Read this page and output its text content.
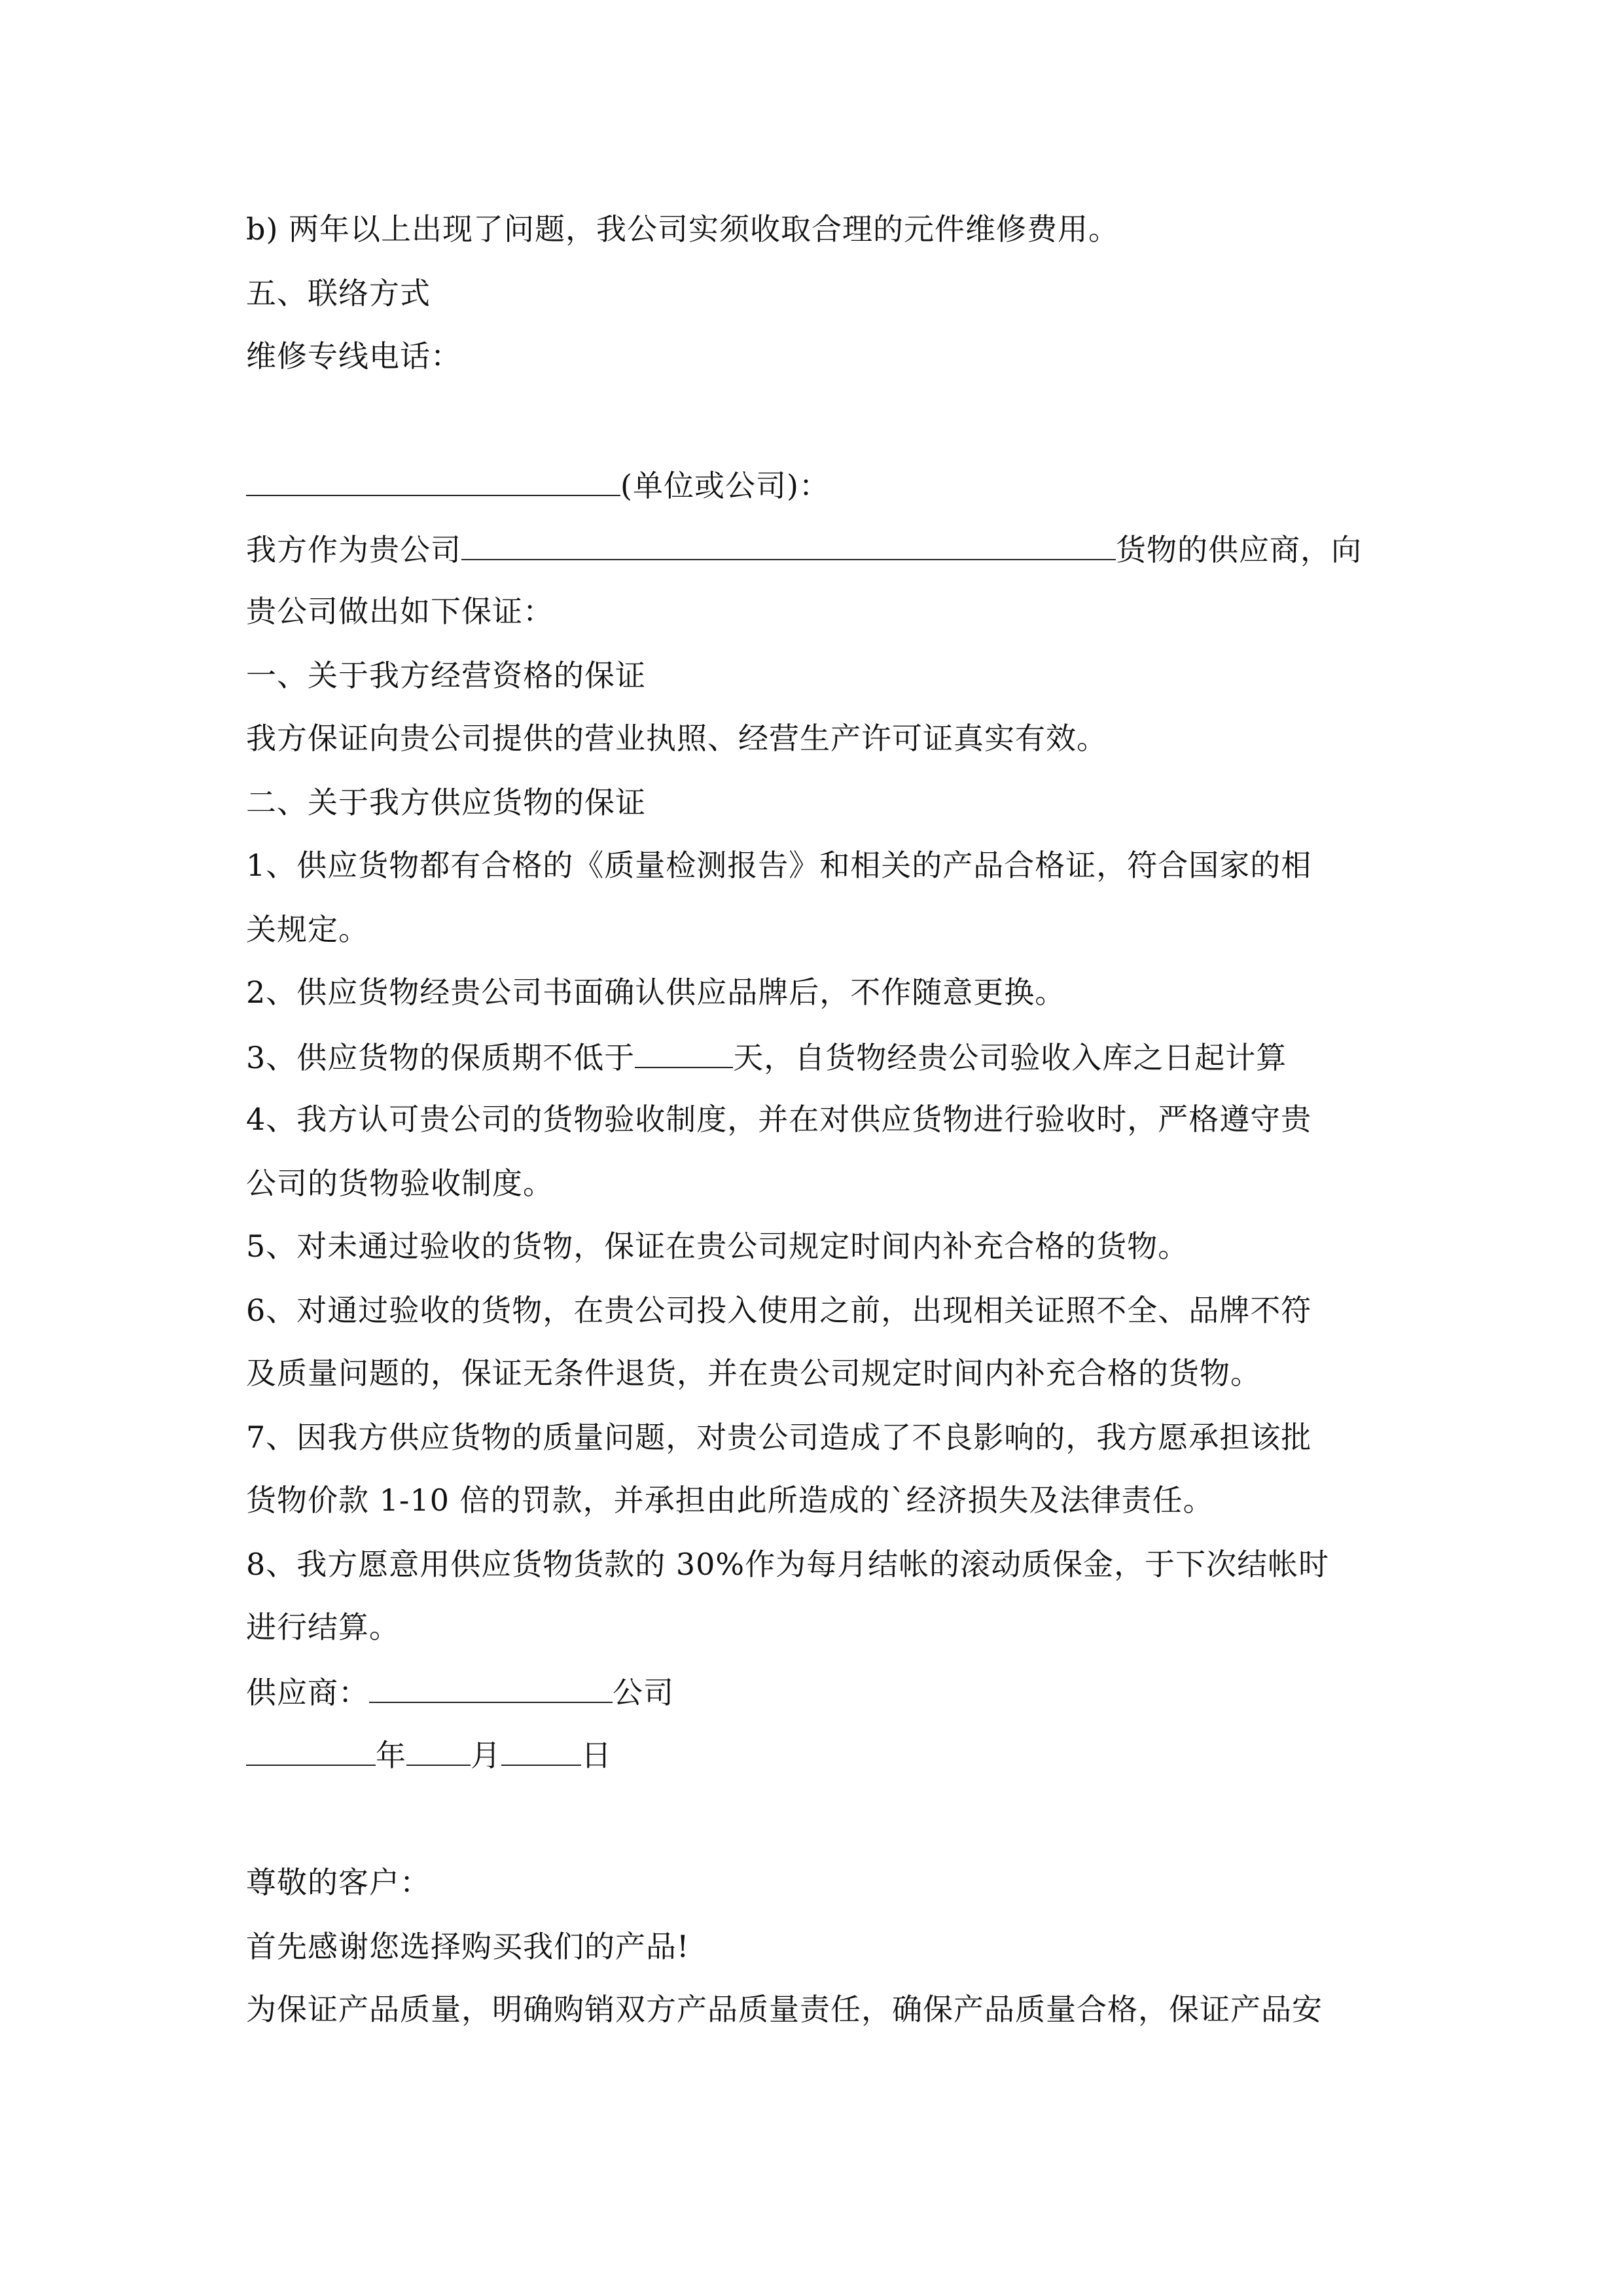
b) 两年以上出现了问题，我公司实须收取合理的元件维修费用。
五、联络方式
维修专线电话：
(单位或公司)：
我方作为贵公司	货物的供应商，向
贵公司做出如下保证：
一、关于我方经营资格的保证
我方保证向贵公司提供的营业执照、经营生产许可证真实有效。
二、关于我方供应货物的保证
1、供应货物都有合格的《质量检测报告》和相关的产品合格证，符合国家的相
关规定。
2、供应货物经贵公司书面确认供应品牌后，不作随意更换。
3、供应货物的保质期不低于	天，自货物经贵公司验收入库之日起计算
4、我方认可贵公司的货物验收制度，并在对供应货物进行验收时，严格遵守贵
公司的货物验收制度。
5、对未通过验收的货物，保证在贵公司规定时间内补充合格的货物。
6、对通过验收的货物，在贵公司投入使用之前，出现相关证照不全、品牌不符
及质量问题的，保证无条件退货，并在贵公司规定时间内补充合格的货物。
7、因我方供应货物的质量问题，对贵公司造成了不良影响的，我方愿承担该批
货物价款 1-10 倍的罚款，并承担由此所造成的`经济损失及法律责任。
8、我方愿意用供应货物货款的 30%作为每月结帐的滚动质保金，于下次结帐时
进行结算。
供应商：	公司
年 月	日
尊敬的客户：
首先感谢您选择购买我们的产品!
为保证产品质量，明确购销双方产品质量责任，确保产品质量合格，保证产品安
